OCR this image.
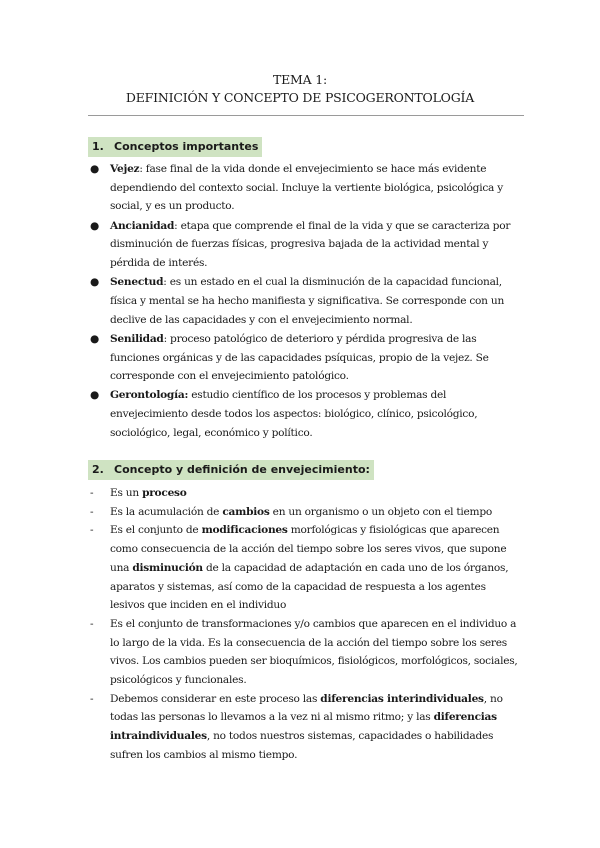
TEMA 1:
DEFINICIÓN Y CONCEPTO DE PSICOGERONTOLOGÍA
1. Conceptos importantes
● Vejez: fase final de la vida donde el envejecimiento se hace más evidente dependiendo del contexto social. Incluye la vertiente biológica, psicológica y social, y es un producto.
● Ancianidad: etapa que comprende el final de la vida y que se caracteriza por disminución de fuerzas físicas, progresiva bajada de la actividad mental y pérdida de interés.
● Senectud: es un estado en el cual la disminución de la capacidad funcional, física y mental se ha hecho manifiesta y significativa. Se corresponde con un declive de las capacidades y con el envejecimiento normal.
● Senilidad: proceso patológico de deterioro y pérdida progresiva de las funciones orgánicas y de las capacidades psíquicas, propio de la vejez. Se corresponde con el envejecimiento patológico.
● Gerontología: estudio científico de los procesos y problemas del envejecimiento desde todos los aspectos: biológico, clínico, psicológico, sociológico, legal, económico y político.
2. Concepto y definición de envejecimiento:
- Es un proceso
- Es la acumulación de cambios en un organismo o un objeto con el tiempo
- Es el conjunto de modificaciones morfológicas y fisiológicas que aparecen como consecuencia de la acción del tiempo sobre los seres vivos, que supone una disminución de la capacidad de adaptación en cada uno de los órganos, aparatos y sistemas, así como de la capacidad de respuesta a los agentes lesivos que inciden en el individuo
- Es el conjunto de transformaciones y/o cambios que aparecen en el individuo a lo largo de la vida. Es la consecuencia de la acción del tiempo sobre los seres vivos. Los cambios pueden ser bioquímicos, fisiológicos, morfológicos, sociales, psicológicos y funcionales.
- Debemos considerar en este proceso las diferencias interindividuales, no todas las personas lo llevamos a la vez ni al mismo ritmo; y las diferencias intraindividuales, no todos nuestros sistemas, capacidades o habilidades sufren los cambios al mismo tiempo.
